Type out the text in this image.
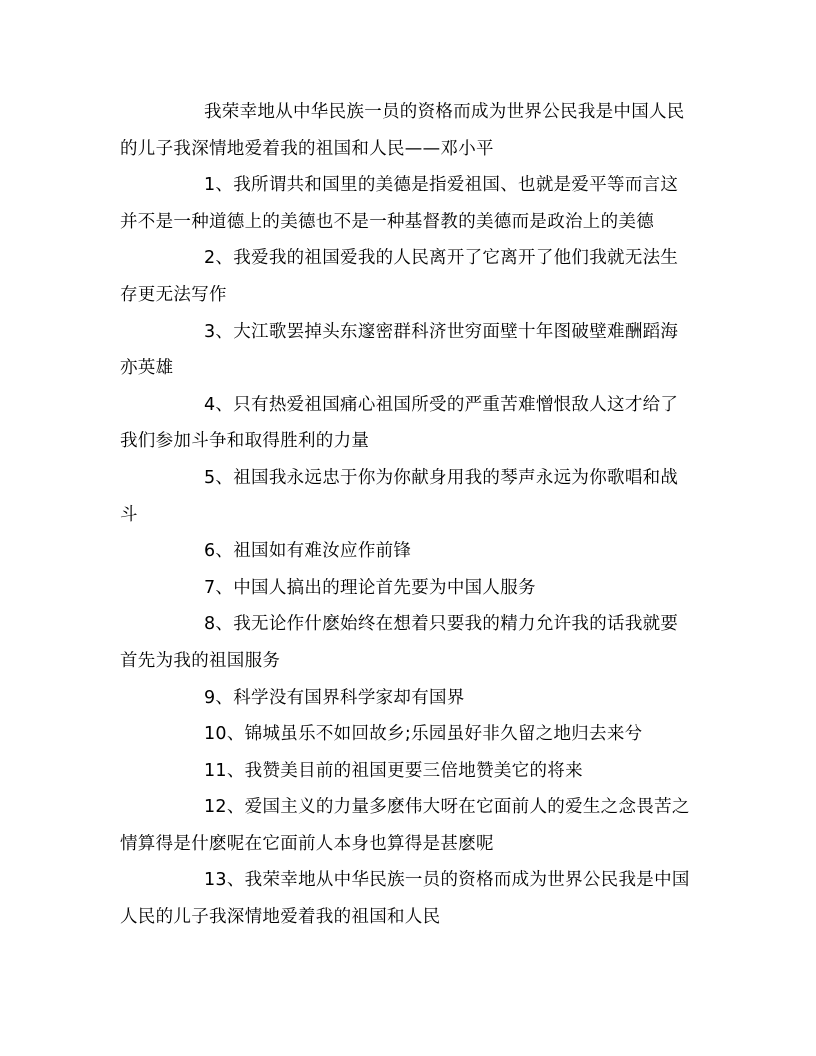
我荣幸地从中华民族一员的资格而成为世界公民我是中国人民的儿子我深情地爱着我的祖国和人民——邓小平

1、我所谓共和国里的美德是指爱祖国、也就是爱平等而言这并不是一种道德上的美德也不是一种基督教的美德而是政治上的美德

2、我爱我的祖国爱我的人民离开了它离开了他们我就无法生存更无法写作

3、大江歌罢掉头东邃密群科济世穷面壁十年图破壁难酬蹈海亦英雄

4、只有热爱祖国痛心祖国所受的严重苦难憎恨敌人这才给了我们参加斗争和取得胜利的力量

5、祖国我永远忠于你为你献身用我的琴声永远为你歌唱和战斗

6、祖国如有难汝应作前锋

7、中国人搞出的理论首先要为中国人服务

8、我无论作什麽始终在想着只要我的精力允许我的话我就要首先为我的祖国服务

9、科学没有国界科学家却有国界

10、锦城虽乐不如回故乡;乐园虽好非久留之地归去来兮

11、我赞美目前的祖国更要三倍地赞美它的将来

12、爱国主义的力量多麽伟大呀在它面前人的爱生之念畏苦之情算得是什麽呢在它面前人本身也算得是甚麽呢

13、我荣幸地从中华民族一员的资格而成为世界公民我是中国人民的儿子我深情地爱着我的祖国和人民
